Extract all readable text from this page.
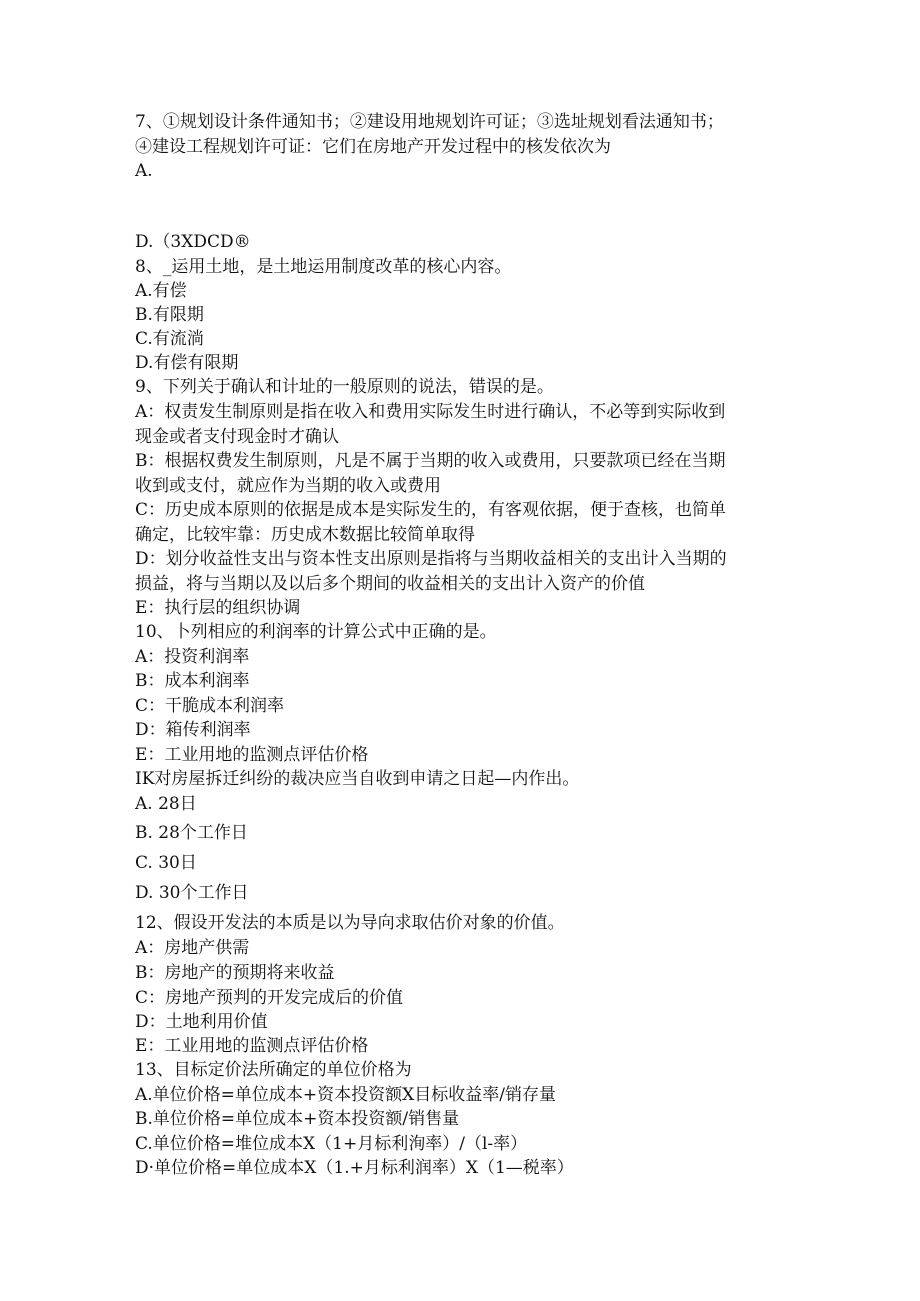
7、①规划设计条件通知书；②建设用地规划许可证；③选址规划看法通知书；
④建设工程规划许可证：它们在房地产开发过程中的核发依次为
A.
D.（3XDCD®
8、_运用土地，是土地运用制度改革的核心内容。
A.有偿
B.有限期
C.有流淌
D.有偿有限期
9、下列关于确认和计址的一般原则的说法，错误的是。
A：权责发生制原则是指在收入和费用实际发生时进行确认，不必等到实际收到
现金或者支付现金时才确认
B：根据权费发生制原则，凡是不属于当期的收入或费用，只要款项已经在当期
收到或支付，就应作为当期的收入或费用
C：历史成本原则的依据是成本是实际发生的，有客观依据，便于查核，也简单
确定，比较牢靠：历史成木数据比较简单取得
D：划分收益性支出与资本性支出原则是指将与当期收益相关的支出计入当期的
损益，将与当期以及以后多个期间的收益相关的支出计入资产的价值
E：执行层的组织协调
10、卜列相应的利润率的计算公式中正确的是。
A：投资利润率
B：成本利润率
C：干脆成本利润率
D：箱传利润率
E：工业用地的监测点评估价格
IK对房屋拆迁纠纷的裁决应当自收到申请之日起—内作出。
A. 28日
B. 28个工作日
C. 30日
D. 30个工作日
12、假设开发法的本质是以为导向求取估价对象的价值。
A：房地产供需
B：房地产的预期将来收益
C：房地产预判的开发完成后的价值
D：土地利用价值
E：工业用地的监测点评估价格
13、目标定价法所确定的单位价格为
A.单位价格=单位成本+资本投资额X目标收益率/销存量
B.单位价格=单位成本+资本投资额/销售量
C.单位价格=堆位成本X（1+月标利洵率）/（l-率）
D·单位价格=单位成本X（1.+月标利润率）X（1—税率）
